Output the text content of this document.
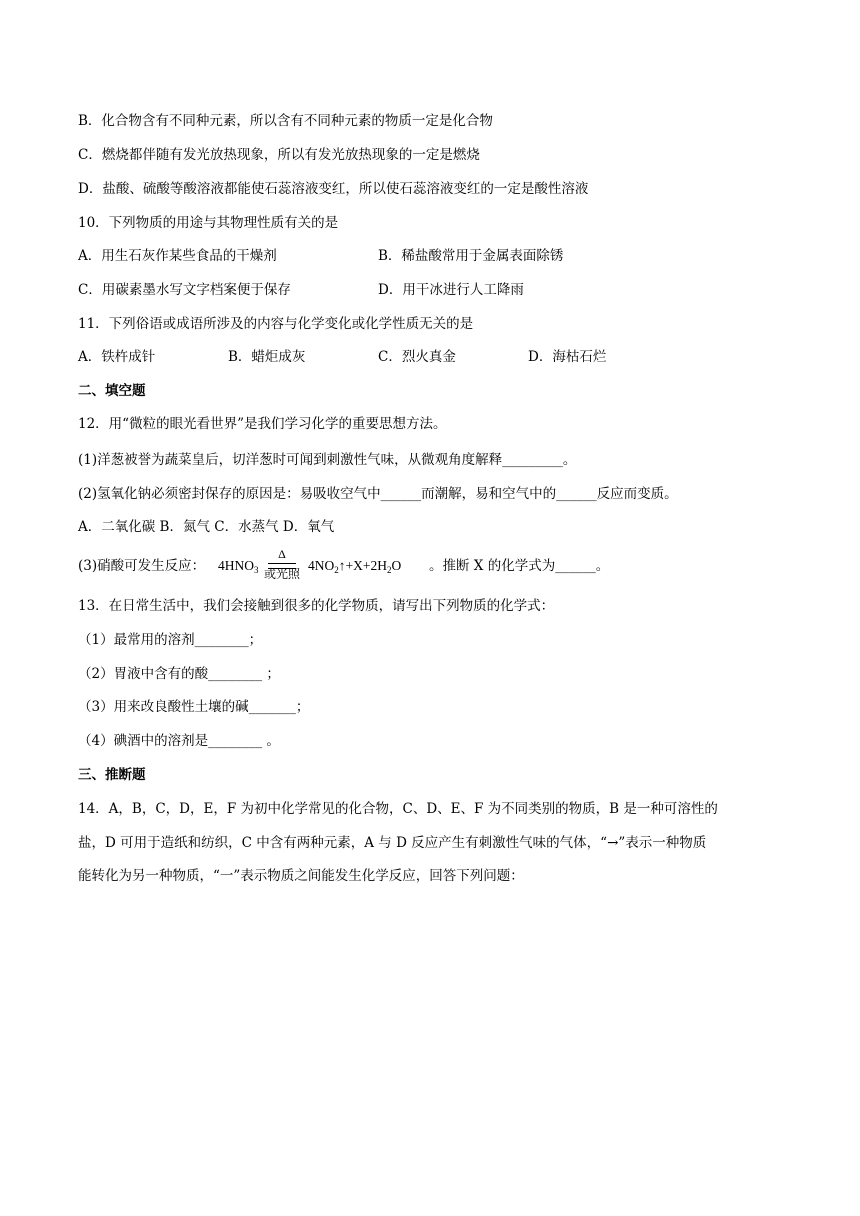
B．化合物含有不同种元素，所以含有不同种元素的物质一定是化合物
C．燃烧都伴随有发光放热现象，所以有发光放热现象的一定是燃烧
D．盐酸、硫酸等酸溶液都能使石蕊溶液变红，所以使石蕊溶液变红的一定是酸性溶液
10．下列物质的用途与其物理性质有关的是
A．用生石灰作某些食品的干燥剂	B．稀盐酸常用于金属表面除锈
C．用碳素墨水写文字档案便于保存	D．用干冰进行人工降雨
11．下列俗语或成语所涉及的内容与化学变化或化学性质无关的是
A．铁杵成针	B．蜡炬成灰	C．烈火真金	D．海枯石烂
二、填空题
12．用“微粒的眼光看世界”是我们学习化学的重要思想方法。
(1)洋葱被誉为蔬菜皇后，切洋葱时可闻到刺激性气味，从微观角度解释_________。
(2)氢氧化钠必须密封保存的原因是：易吸收空气中______而潮解，易和空气中的______反应而变质。
A．二氧化碳 B．氮气 C．水蒸气 D．氧气
(3)硝酸可发生反应： $4HNO_3$
Δ
或光照
$4NO_2↑+X+2H_2O$ 。推断 X 的化学式为______。
13．在日常生活中，我们会接触到很多的化学物质，请写出下列物质的化学式：
（1）最常用的溶剂________；
（2）胃液中含有的酸________ ；
（3）用来改良酸性土壤的碱_______；
（4）碘酒中的溶剂是________ 。
三、推断题
14．A，B，C，D，E，F 为初中化学常见的化合物，C、D、E、F 为不同类别的物质，B 是一种可溶性的
盐，D 可用于造纸和纺织，C 中含有两种元素，A 与 D 反应产生有刺激性气味的气体，“→”表示一种物质
能转化为另一种物质，“一”表示物质之间能发生化学反应，回答下列问题：
